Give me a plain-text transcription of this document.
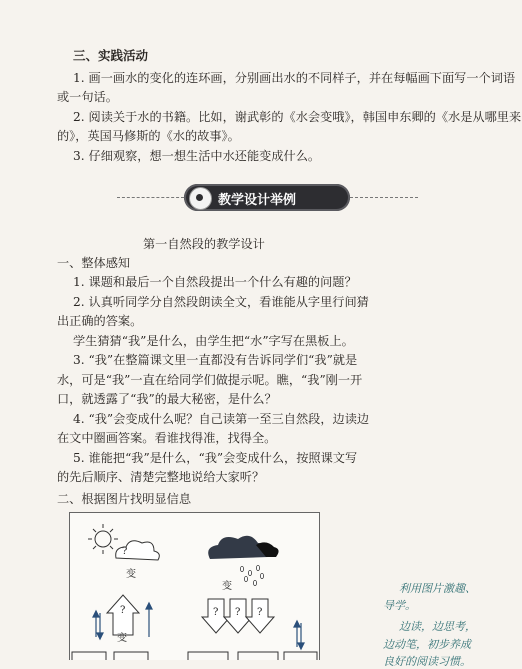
三、实践活动
1. 画一画水的变化的连环画，分别画出水的不同样子，并在每幅画下面写一个词语
或一句话。
2. 阅读关于水的书籍。比如，谢武彰的《水会变哦》，韩国申东卿的《水是从哪里来
的》，英国马修斯的《水的故事》。
3. 仔细观察，想一想生活中水还能变成什么。
教学设计举例
第一自然段的教学设计
一、整体感知
1. 课题和最后一个自然段提出一个什么有趣的问题？
2. 认真听同学分自然段朗读全文，看谁能从字里行间猜
出正确的答案。
学生猜猜“我”是什么，由学生把“水”字写在黑板上。
3. “我”在整篇课文里一直都没有告诉同学们“我”就是
水，可是“我”一直在给同学们做提示呢。瞧，“我”刚一开
口，就透露了“我”的最大秘密，是什么？
4. “我”会变成什么呢？自己读第一至三自然段，边读边
在文中圈画答案。看谁找得准，找得全。
5. 谁能把“我”是什么，“我”会变成什么，按照课文写
的先后顺序、清楚完整地说给大家听？
二、根据图片找明显信息
?
?	? ? ?
变
变
变
利用图片激趣、
导学。
边读，边思考，
边动笔，初步养成
良好的阅读习惯。
